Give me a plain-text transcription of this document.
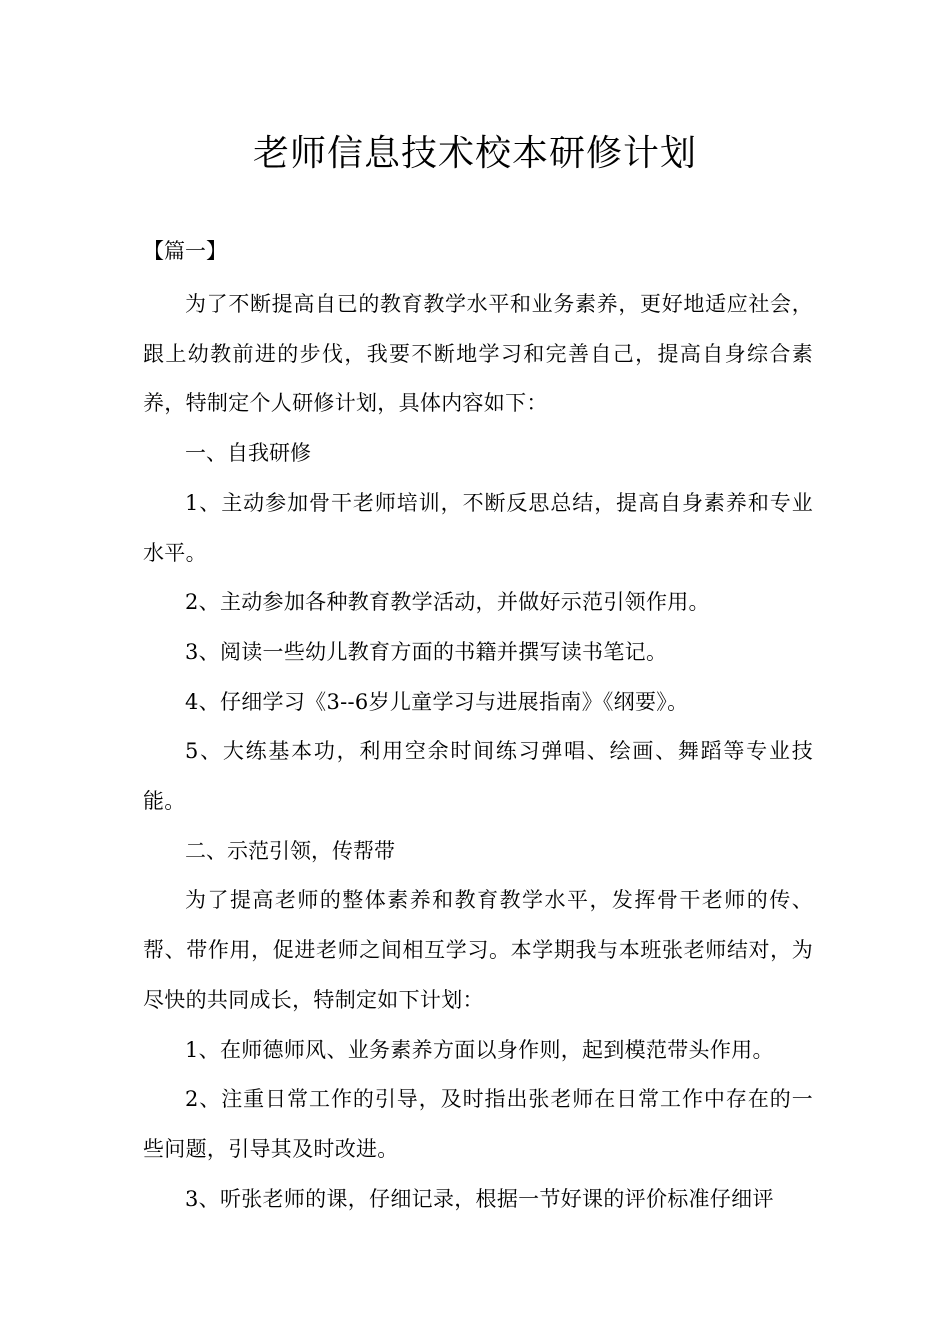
老师信息技术校本研修计划

【篇一】

为了不断提高自已的教育教学水平和业务素养，更好地适应社会，跟上幼教前进的步伐，我要不断地学习和完善自己，提高自身综合素养，特制定个人研修计划，具体内容如下：

一、自我研修

1、主动参加骨干老师培训，不断反思总结，提高自身素养和专业水平。

2、主动参加各种教育教学活动，并做好示范引领作用。

3、阅读一些幼儿教育方面的书籍并撰写读书笔记。

4、仔细学习《3--6岁儿童学习与进展指南》《纲要》。

5、大练基本功，利用空余时间练习弹唱、绘画、舞蹈等专业技能。

二、示范引领，传帮带

为了提高老师的整体素养和教育教学水平，发挥骨干老师的传、帮、带作用，促进老师之间相互学习。本学期我与本班张老师结对，为尽快的共同成长，特制定如下计划：

1、在师德师风、业务素养方面以身作则，起到模范带头作用。

2、注重日常工作的引导，及时指出张老师在日常工作中存在的一些问题，引导其及时改进。

3、听张老师的课，仔细记录，根据一节好课的评价标准仔细评
